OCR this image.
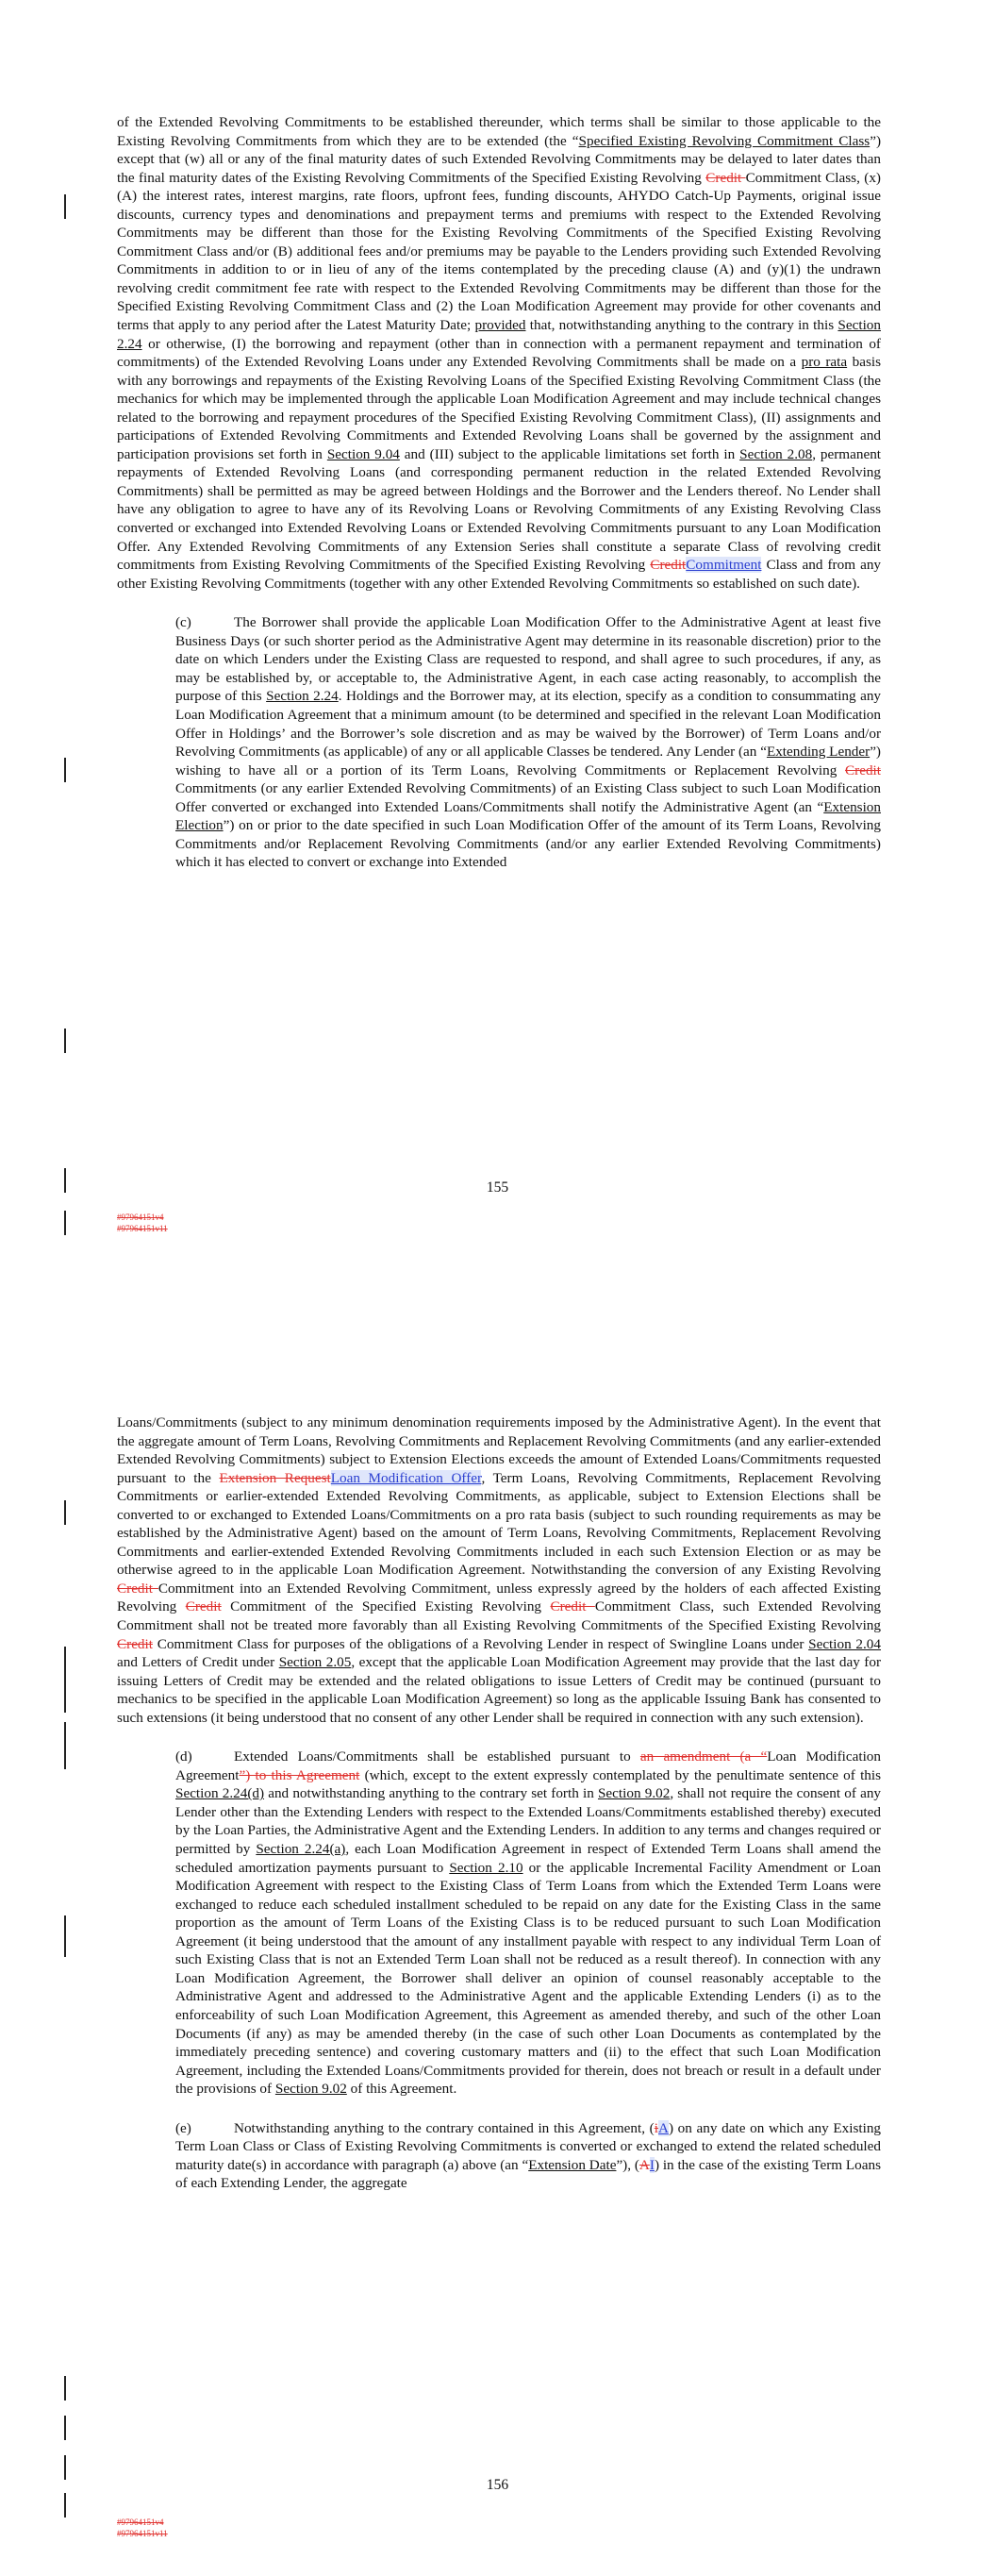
of the Extended Revolving Commitments to be established thereunder, which terms shall be similar to those applicable to the Existing Revolving Commitments from which they are to be extended (the “Specified Existing Revolving Commitment Class”) except that (w) all or any of the final maturity dates of such Extended Revolving Commitments may be delayed to later dates than the final maturity dates of the Existing Revolving Commitments of the Specified Existing Revolving Credit Commitment Class, (x)(A) the interest rates, interest margins, rate floors, upfront fees, funding discounts, AHYDO Catch-Up Payments, original issue discounts, currency types and denominations and prepayment terms and premiums with respect to the Extended Revolving Commitments may be different than those for the Existing Revolving Commitments of the Specified Existing Revolving Commitment Class and/or (B) additional fees and/or premiums may be payable to the Lenders providing such Extended Revolving Commitments in addition to or in lieu of any of the items contemplated by the preceding clause (A) and (y)(1) the undrawn revolving credit commitment fee rate with respect to the Extended Revolving Commitments may be different than those for the Specified Existing Revolving Commitment Class and (2) the Loan Modification Agreement may provide for other covenants and terms that apply to any period after the Latest Maturity Date; provided that, notwithstanding anything to the contrary in this Section 2.24 or otherwise, (I) the borrowing and repayment (other than in connection with a permanent repayment and termination of commitments) of the Extended Revolving Loans under any Extended Revolving Commitments shall be made on a pro rata basis with any borrowings and repayments of the Existing Revolving Loans of the Specified Existing Revolving Commitment Class (the mechanics for which may be implemented through the applicable Loan Modification Agreement and may include technical changes related to the borrowing and repayment procedures of the Specified Existing Revolving Commitment Class), (II) assignments and participations of Extended Revolving Commitments and Extended Revolving Loans shall be governed by the assignment and participation provisions set forth in Section 9.04 and (III) subject to the applicable limitations set forth in Section 2.08, permanent repayments of Extended Revolving Loans (and corresponding permanent reduction in the related Extended Revolving Commitments) shall be permitted as may be agreed between Holdings and the Borrower and the Lenders thereof. No Lender shall have any obligation to agree to have any of its Revolving Loans or Revolving Commitments of any Existing Revolving Class converted or exchanged into Extended Revolving Loans or Extended Revolving Commitments pursuant to any Loan Modification Offer. Any Extended Revolving Commitments of any Extension Series shall constitute a separate Class of revolving credit commitments from Existing Revolving Commitments of the Specified Existing Revolving CreditCommitment Class and from any other Existing Revolving Commitments (together with any other Extended Revolving Commitments so established on such date).

(c)	The Borrower shall provide the applicable Loan Modification Offer to the Administrative Agent at least five Business Days (or such shorter period as the Administrative Agent may determine in its reasonable discretion) prior to the date on which Lenders under the Existing Class are requested to respond, and shall agree to such procedures, if any, as may be established by, or acceptable to, the Administrative Agent, in each case acting reasonably, to accomplish the purpose of this Section 2.24. Holdings and the Borrower may, at its election, specify as a condition to consummating any Loan Modification Agreement that a minimum amount (to be determined and specified in the relevant Loan Modification Offer in Holdings’ and the Borrower’s sole discretion and as may be waived by the Borrower) of Term Loans and/or Revolving Commitments (as applicable) of any or all applicable Classes be tendered. Any Lender (an “Extending Lender”) wishing to have all or a portion of its Term Loans, Revolving Commitments or Replacement Revolving Credit Commitments (or any earlier Extended Revolving Commitments) of an Existing Class subject to such Loan Modification Offer converted or exchanged into Extended Loans/Commitments shall notify the Administrative Agent (an “Extension Election”) on or prior to the date specified in such Loan Modification Offer of the amount of its Term Loans, Revolving Commitments and/or Replacement Revolving Commitments (and/or any earlier Extended Revolving Commitments) which it has elected to convert or exchange into Extended

155
#97964151v4
#97964151v11

Loans/Commitments (subject to any minimum denomination requirements imposed by the Administrative Agent). In the event that the aggregate amount of Term Loans, Revolving Commitments and Replacement Revolving Commitments (and any earlier-extended Extended Revolving Commitments) subject to Extension Elections exceeds the amount of Extended Loans/Commitments requested pursuant to the Extension RequestLoan Modification Offer, Term Loans, Revolving Commitments, Replacement Revolving Commitments or earlier-extended Extended Revolving Commitments, as applicable, subject to Extension Elections shall be converted to or exchanged to Extended Loans/Commitments on a pro rata basis (subject to such rounding requirements as may be established by the Administrative Agent) based on the amount of Term Loans, Revolving Commitments, Replacement Revolving Commitments and earlier-extended Extended Revolving Commitments included in each such Extension Election or as may be otherwise agreed to in the applicable Loan Modification Agreement. Notwithstanding the conversion of any Existing Revolving Credit Commitment into an Extended Revolving Commitment, unless expressly agreed by the holders of each affected Existing Revolving Credit Commitment of the Specified Existing Revolving Credit Commitment Class, such Extended Revolving Commitment shall not be treated more favorably than all Existing Revolving Commitments of the Specified Existing Revolving Credit Commitment Class for purposes of the obligations of a Revolving Lender in respect of Swingline Loans under Section 2.04 and Letters of Credit under Section 2.05, except that the applicable Loan Modification Agreement may provide that the last day for issuing Letters of Credit may be extended and the related obligations to issue Letters of Credit may be continued (pursuant to mechanics to be specified in the applicable Loan Modification Agreement) so long as the applicable Issuing Bank has consented to such extensions (it being understood that no consent of any other Lender shall be required in connection with any such extension).

(d)	Extended Loans/Commitments shall be established pursuant to an amendment (a “Loan Modification Agreement”) to this Agreement (which, except to the extent expressly contemplated by the penultimate sentence of this Section 2.24(d) and notwithstanding anything to the contrary set forth in Section 9.02, shall not require the consent of any Lender other than the Extending Lenders with respect to the Extended Loans/Commitments established thereby) executed by the Loan Parties, the Administrative Agent and the Extending Lenders. In addition to any terms and changes required or permitted by Section 2.24(a), each Loan Modification Agreement in respect of Extended Term Loans shall amend the scheduled amortization payments pursuant to Section 2.10 or the applicable Incremental Facility Amendment or Loan Modification Agreement with respect to the Existing Class of Term Loans from which the Extended Term Loans were exchanged to reduce each scheduled installment scheduled to be repaid on any date for the Existing Class in the same proportion as the amount of Term Loans of the Existing Class is to be reduced pursuant to such Loan Modification Agreement (it being understood that the amount of any installment payable with respect to any individual Term Loan of such Existing Class that is not an Extended Term Loan shall not be reduced as a result thereof). In connection with any Loan Modification Agreement, the Borrower shall deliver an opinion of counsel reasonably acceptable to the Administrative Agent and addressed to the Administrative Agent and the applicable Extending Lenders (i) as to the enforceability of such Loan Modification Agreement, this Agreement as amended thereby, and such of the other Loan Documents (if any) as may be amended thereby (in the case of such other Loan Documents as contemplated by the immediately preceding sentence) and covering customary matters and (ii) to the effect that such Loan Modification Agreement, including the Extended Loans/Commitments provided for therein, does not breach or result in a default under the provisions of Section 9.02 of this Agreement.

(e)	Notwithstanding anything to the contrary contained in this Agreement, (iA) on any date on which any Existing Term Loan Class or Class of Existing Revolving Commitments is converted or exchanged to extend the related scheduled maturity date(s) in accordance with paragraph (a) above (an “Extension Date”), (AI) in the case of the existing Term Loans of each Extending Lender, the aggregate

156
#97964151v4
#97964151v11
